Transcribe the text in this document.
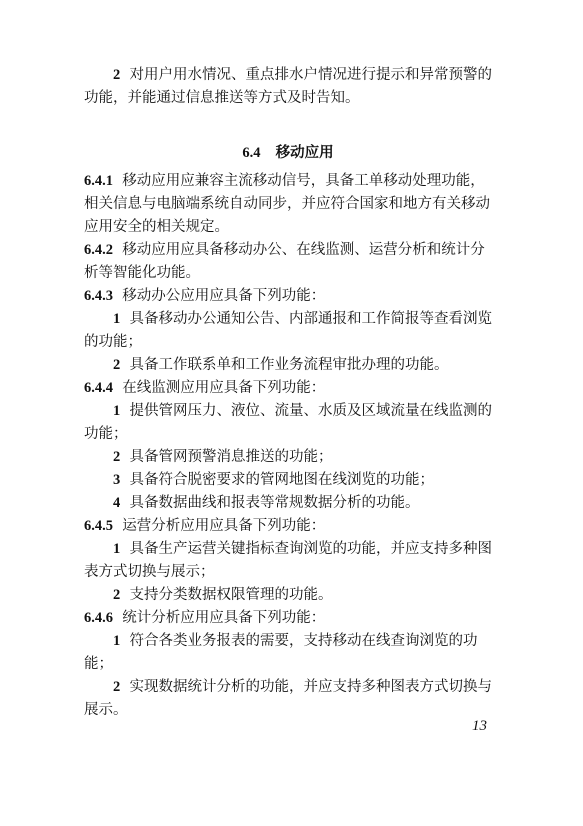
2 对用户用水情况、重点排水户情况进行提示和异常预警的功能，并能通过信息推送等方式及时告知。

6.4 移动应用

6.4.1 移动应用应兼容主流移动信号，具备工单移动处理功能，相关信息与电脑端系统自动同步，并应符合国家和地方有关移动应用安全的相关规定。

6.4.2 移动应用应具备移动办公、在线监测、运营分析和统计分析等智能化功能。

6.4.3 移动办公应用应具备下列功能：

1 具备移动办公通知公告、内部通报和工作简报等查看浏览的功能；

2 具备工作联系单和工作业务流程审批办理的功能。

6.4.4 在线监测应用应具备下列功能：

1 提供管网压力、液位、流量、水质及区域流量在线监测的功能；

2 具备管网预警消息推送的功能；

3 具备符合脱密要求的管网地图在线浏览的功能；

4 具备数据曲线和报表等常规数据分析的功能。

6.4.5 运营分析应用应具备下列功能：

1 具备生产运营关键指标查询浏览的功能，并应支持多种图表方式切换与展示；

2 支持分类数据权限管理的功能。

6.4.6 统计分析应用应具备下列功能：

1 符合各类业务报表的需要，支持移动在线查询浏览的功能；

2 实现数据统计分析的功能，并应支持多种图表方式切换与展示。

13
